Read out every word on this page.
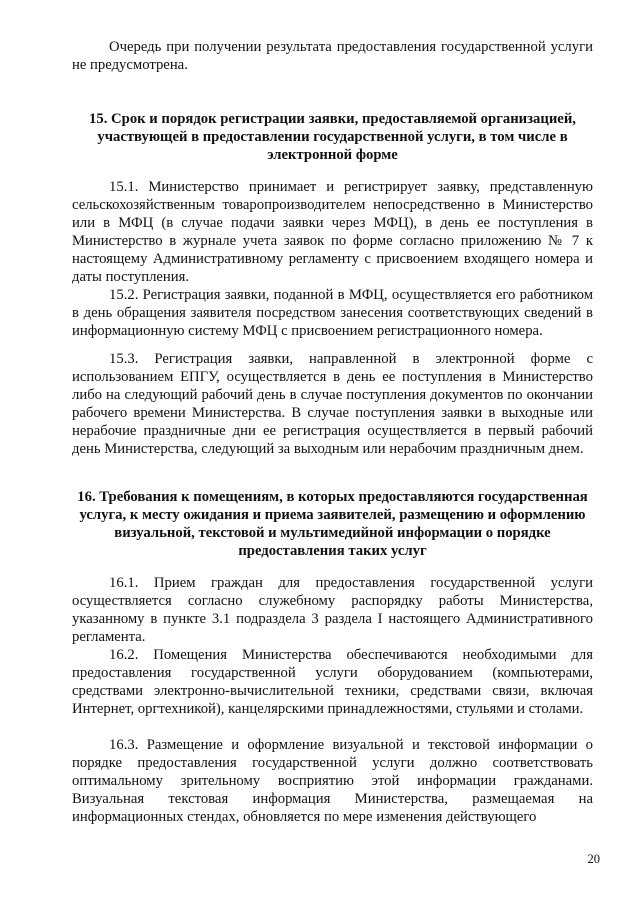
Очередь при получении результата предоставления государственной услуги не предусмотрена.

15. Срок и порядок регистрации заявки, предоставляемой организацией, участвующей в предоставлении государственной услуги, в том числе в электронной форме

15.1. Министерство принимает и регистрирует заявку, представленную сельскохозяйственным товаропроизводителем непосредственно в Министерство или в МФЦ (в случае подачи заявки через МФЦ), в день ее поступления в Министерство в журнале учета заявок по форме согласно приложению № 7 к настоящему Административному регламенту с присвоением входящего номера и даты поступления.

15.2. Регистрация заявки, поданной в МФЦ, осуществляется его работником в день обращения заявителя посредством занесения соответствующих сведений в информационную систему МФЦ с присвоением регистрационного номера.

15.3. Регистрация заявки, направленной в электронной форме с использованием ЕПГУ, осуществляется в день ее поступления в Министерство либо на следующий рабочий день в случае поступления документов по окончании рабочего времени Министерства. В случае поступления заявки в выходные или нерабочие праздничные дни ее регистрация осуществляется в первый рабочий день Министерства, следующий за выходным или нерабочим праздничным днем.

16. Требования к помещениям, в которых предоставляются государственная услуга, к месту ожидания и приема заявителей, размещению и оформлению визуальной, текстовой и мультимедийной информации о порядке предоставления таких услуг

16.1. Прием граждан для предоставления государственной услуги осуществляется согласно служебному распорядку работы Министерства, указанному в пункте 3.1 подраздела 3 раздела I настоящего Административного регламента.

16.2. Помещения Министерства обеспечиваются необходимыми для предоставления государственной услуги оборудованием (компьютерами, средствами электронно-вычислительной техники, средствами связи, включая Интернет, оргтехникой), канцелярскими принадлежностями, стульями и столами.

16.3. Размещение и оформление визуальной и текстовой информации о порядке предоставления государственной услуги должно соответствовать оптимальному зрительному восприятию этой информации гражданами. Визуальная текстовая информация Министерства, размещаемая на информационных стендах, обновляется по мере изменения действующего

20
